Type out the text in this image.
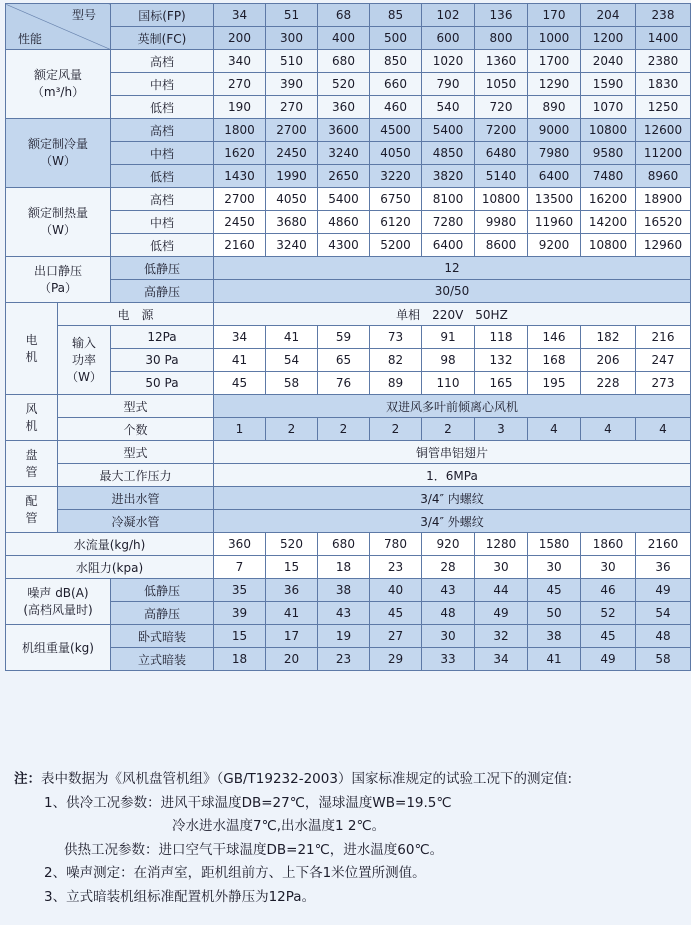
型号
性能		国标(FP)	34	51	68	85	102	136	170	204	238
		英制(FC)	200	300	400	500	600	800	1000	1200	1400

额定风量
（m³/h）		高档	340	510	680	850	1020	1360	1700	2040	2380
		中档	270	390	520	660	790	1050	1290	1590	1830
		低档	190	270	360	460	540	720	890	1070	1250

额定制冷量
（W）		高档	1800	2700	3600	4500	5400	7200	9000	10800	12600
		中档	1620	2450	3240	4050	4850	6480	7980	9580	11200
		低档	1430	1990	2650	3220	3820	5140	6400	7480	8960

额定制热量
（W）		高档	2700	4050	5400	6750	8100	10800	13500	16200	18900
		中档	2450	3680	4860	6120	7280	9980	11960	14200	16520
		低档	2160	3240	4300	5200	6400	8600	9200	10800	12960

出口静压
（Pa）		低静压	12								
		高静压	30/50								

电
机	电　源		单相　220V　50HZ								

	输入
功率
（W）	12Pa	34	41	59	73	91	118	146	182	216
		30 Pa	41	54	65	82	98	132	168	206	247
		50 Pa	45	58	76	89	110	165	195	228	273

风
机	型式		双进风多叶前倾离心风机								
	个数		1	2	2	2	2	3	4	4	4

盘
管	型式		铜管串铝翅片								
	最大工作压力		1．6MPa								

配
管	进出水管		3/4″ 内螺纹								
	冷凝水管		3/4″ 外螺纹								
水流量(kg/h)			360	520	680	780	920	1280	1580	1860	2160
水阻力(kpa)			7	15	18	23	28	30	30	30	36

噪声 dB(A)
(高档风量时)		低静压	35	36	38	40	43	44	45	46	49
		高静压	39	41	43	45	48	49	50	52	54
机组重量(kg)		卧式暗装	15	17	19	27	30	32	38	45	48
		立式暗装	18	20	23	29	33	34	41	49	58
注：表中数据为《风机盘管机组》（GB/T19232-2003）国家标准规定的试验工况下的测定值:
1、供冷工况参数：进风干球温度DB=27℃，湿球温度WB=19.5℃
冷水进水温度7℃,出水温度1 2℃。
供热工况参数：进口空气干球温度DB=21℃，进水温度60℃。
2、噪声测定：在消声室，距机组前方、上下各1米位置所测值。
3、立式暗装机组标准配置机外静压为12Pa。
